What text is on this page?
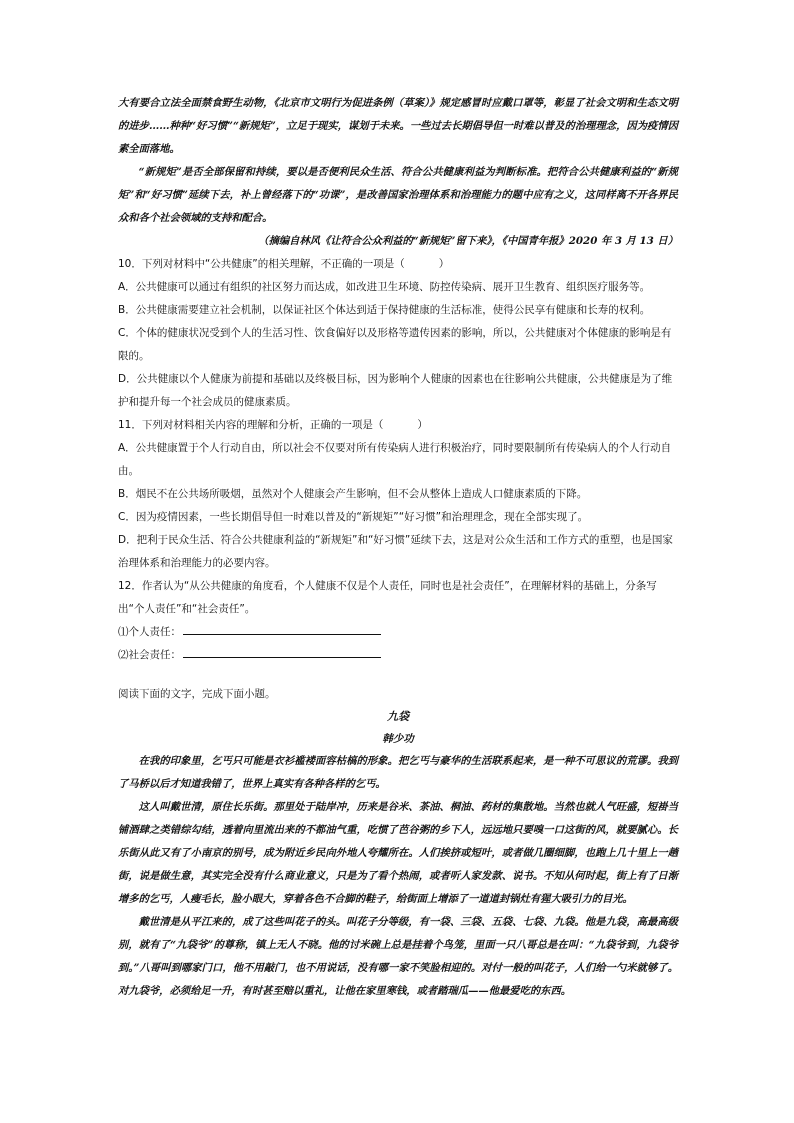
大有要合立法全面禁食野生动物，《北京市文明行为促进条例（草案）》规定感冒时应戴口罩等，彰显了社会文明和生态文明的进步……种种“好习惯”“新规矩”，立足于现实，谋划于未来。一些过去长期倡导但一时难以普及的治理理念，因为疫情因素全面落地。

“新规矩”是否全部保留和持续，要以是否便利民众生活、符合公共健康利益为判断标准。把符合公共健康利益的“新规矩”和“好习惯”延续下去，补上曾经落下的“功课”，是改善国家治理体系和治理能力的题中应有之义，这同样离不开各界民众和各个社会领域的支持和配合。

（摘编自林风《让符合公众利益的“新规矩”留下来》，《中国青年报》2020 年 3 月 13 日）

10．下列对材料中“公共健康”的相关理解，不正确的一项是（	）

A．公共健康可以通过有组织的社区努力而达成，如改进卫生环境、防控传染病、展开卫生教育、组织医疗服务等。

B．公共健康需要建立社会机制，以保证社区个体达到适于保持健康的生活标准，使得公民享有健康和长寿的权利。

C．个体的健康状况受到个人的生活习性、饮食偏好以及形格等遗传因素的影响，所以，公共健康对个体健康的影响是有限的。

D．公共健康以个人健康为前提和基础以及终极目标，因为影响个人健康的因素也在往影响公共健康，公共健康是为了维护和提升每一个社会成员的健康素质。

11．下列对材料相关内容的理解和分析，正确的一项是（	）

A．公共健康置于个人行动自由，所以社会不仅要对所有传染病人进行积极治疗，同时要限制所有传染病人的个人行动自由。

B．烟民不在公共场所吸烟，虽然对个人健康会产生影响，但不会从整体上造成人口健康素质的下降。

C．因为疫情因素，一些长期倡导但一时难以普及的“新规矩”“好习惯”和治理理念，现在全部实现了。

D．把利于民众生活、符合公共健康利益的“新规矩”和“好习惯”延续下去，这是对公众生活和工作方式的重塑，也是国家治理体系和治理能力的必要内容。

12．作者认为“从公共健康的角度看，个人健康不仅是个人责任，同时也是社会责任”，在理解材料的基础上，分条写出“个人责任”和“社会责任”。

⑴个人责任：

⑵社会责任：

阅读下面的文字，完成下面小题。

九袋

韩少功

在我的印象里，乞丐只可能是衣衫褴褛面容枯槁的形象。把乞丐与豪华的生活联系起来，是一种不可思议的荒谬。我到了马桥以后才知道我错了，世界上真实有各种各样的乞丐。

这人叫戴世清，原住长乐街。那里处于陆岸冲，历来是谷米、茶油、桐油、药材的集散地。当然也就人气旺盛，短褂当铺酒肆之类错综勾结，透着向里流出来的不都油气重，吃惯了芭谷粥的乡下人，远远地只要嗅一口这街的风，就要腻心。长乐街从此又有了小南京的别号，成为附近乡民向外地人夸耀所在。人们挨挤或短叶，或者做几圈细脚，也跑上几十里上一趟街，说是做生意，其实完全没有什么商业意义，只是为了看个热闹，或者听人家发款、说书。不知从何时起，街上有了日渐增多的乞丐，人瘦毛长，脸小眼大，穿着各色不合脚的鞋子，给街面上增添了一道道封锅灶有猩大吸引力的目光。

戴世清是从平江来的，成了这些叫花子的头。叫花子分等级，有一袋、三袋、五袋、七袋、九袋。他是九袋，高最高级别，就有了“九袋爷”的尊称，镇上无人不晓。他的讨米碗上总是挂着个鸟笼，里面一只八哥总是在叫：“九袋爷到，九袋爷到。”八哥叫到哪家门口，他不用敲门，也不用说话，没有哪一家不笑脸相迎的。对付一般的叫花子，人们给一勺米就够了。对九袋爷，必须给足一升，有时甚至赔以重礼，让他在家里寒钱，或者踏瑞瓜——他最爱吃的东西。
